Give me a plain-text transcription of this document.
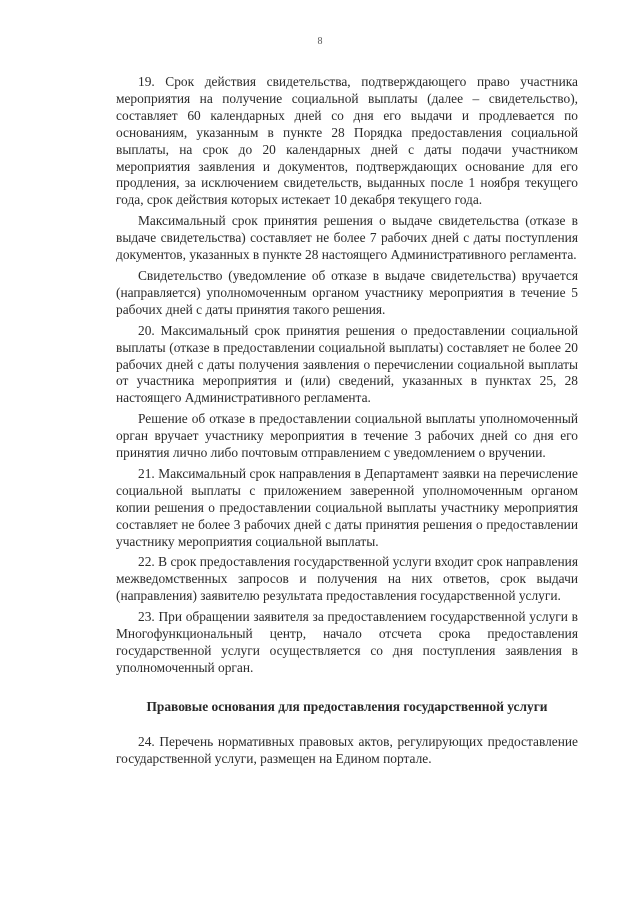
8

19. Срок действия свидетельства, подтверждающего право участника мероприятия на получение социальной выплаты (далее – свидетельство), составляет 60 календарных дней со дня его выдачи и продлевается по основаниям, указанным в пункте 28 Порядка предоставления социальной выплаты, на срок до 20 календарных дней с даты подачи участником мероприятия заявления и документов, подтверждающих основание для его продления, за исключением свидетельств, выданных после 1 ноября текущего года, срок действия которых истекает 10 декабря текущего года.

Максимальный срок принятия решения о выдаче свидетельства (отказе в выдаче свидетельства) составляет не более 7 рабочих дней с даты поступления документов, указанных в пункте 28 настоящего Административного регламента.

Свидетельство (уведомление об отказе в выдаче свидетельства) вручается (направляется) уполномоченным органом участнику мероприятия в течение 5 рабочих дней с даты принятия такого решения.

20. Максимальный срок принятия решения о предоставлении социальной выплаты (отказе в предоставлении социальной выплаты) составляет не более 20 рабочих дней с даты получения заявления о перечислении социальной выплаты от участника мероприятия и (или) сведений, указанных в пунктах 25, 28 настоящего Административного регламента.

Решение об отказе в предоставлении социальной выплаты уполномоченный орган вручает участнику мероприятия в течение 3 рабочих дней со дня его принятия лично либо почтовым отправлением с уведомлением о вручении.

21. Максимальный срок направления в Департамент заявки на перечисление социальной выплаты с приложением заверенной уполномоченным органом копии решения о предоставлении социальной выплаты участнику мероприятия составляет не более 3 рабочих дней с даты принятия решения о предоставлении участнику мероприятия социальной выплаты.

22. В срок предоставления государственной услуги входит срок направления межведомственных запросов и получения на них ответов, срок выдачи (направления) заявителю результата предоставления государственной услуги.

23. При обращении заявителя за предоставлением государственной услуги в Многофункциональный центр, начало отсчета срока предоставления государственной услуги осуществляется со дня поступления заявления в уполномоченный орган.

Правовые основания для предоставления государственной услуги

24. Перечень нормативных правовых актов, регулирующих предоставление государственной услуги, размещен на Едином портале.
